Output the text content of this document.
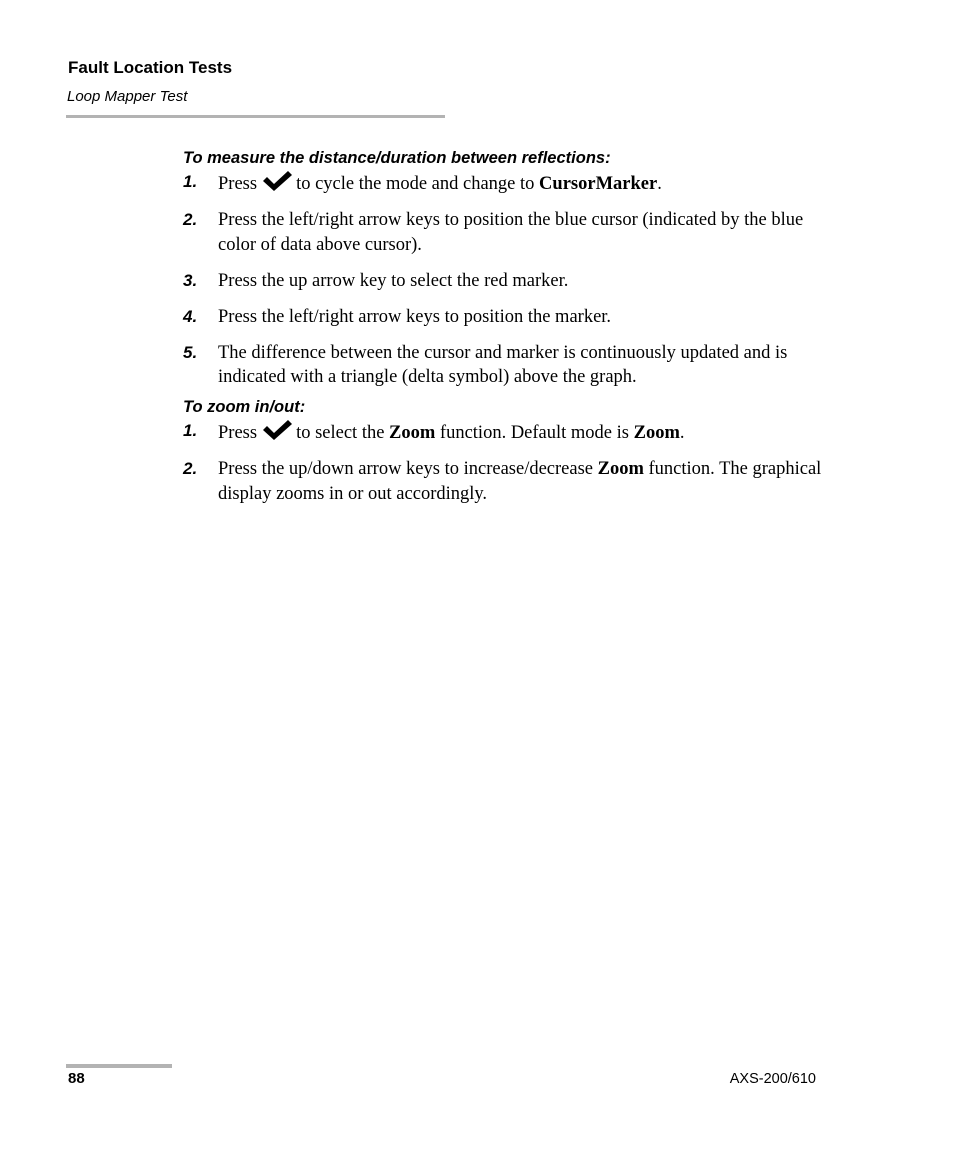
Fault Location Tests
Loop Mapper Test

To measure the distance/duration between reflections:

1. Press to cycle the mode and change to CursorMarker.
2. Press the left/right arrow keys to position the blue cursor (indicated by the blue color of data above cursor).
3. Press the up arrow key to select the red marker.
4. Press the left/right arrow keys to position the marker.
5. The difference between the cursor and marker is continuously updated and is indicated with a triangle (delta symbol) above the graph.

To zoom in/out:

1. Press to select the Zoom function. Default mode is Zoom.
2. Press the up/down arrow keys to increase/decrease Zoom function. The graphical display zooms in or out accordingly.
88	AXS-200/610
